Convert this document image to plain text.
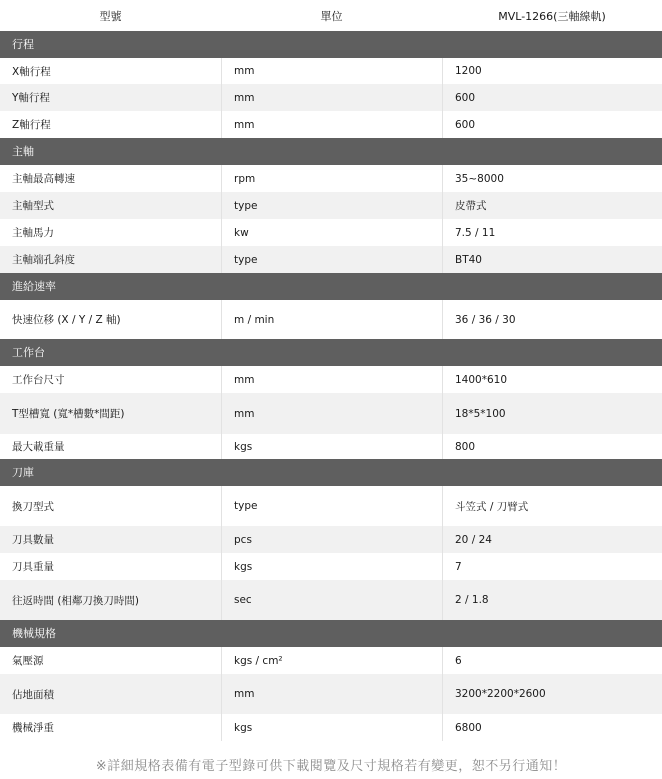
型號	單位	MVL-1266(三軸線軌)
行程
X軸行程	mm	1200
Y軸行程	mm	600
Z軸行程	mm	600
主軸
主軸最高轉速	rpm	35~8000
主軸型式	type	皮帶式
主軸馬力	kw	7.5 / 11
主軸端孔斜度	type	BT40
進給速率
快速位移 (X / Y / Z 軸)	m / min	36 / 36 / 30
工作台
工作台尺寸	mm	1400*610
T型槽寬 (寬*槽數*間距)	mm	18*5*100
最大載重量	kgs	800
刀庫
換刀型式	type	斗笠式 / 刀臂式
刀具數量	pcs	20 / 24
刀具重量	kgs	7
往返時間 (相鄰刀換刀時間)	sec	2 / 1.8
機械規格
氣壓源	kgs / cm²	6
佔地面積	mm	3200*2200*2600
機械淨重	kgs	6800
※詳細規格表備有電子型錄可供下載閱覽及尺寸規格若有變更，恕不另行通知！
